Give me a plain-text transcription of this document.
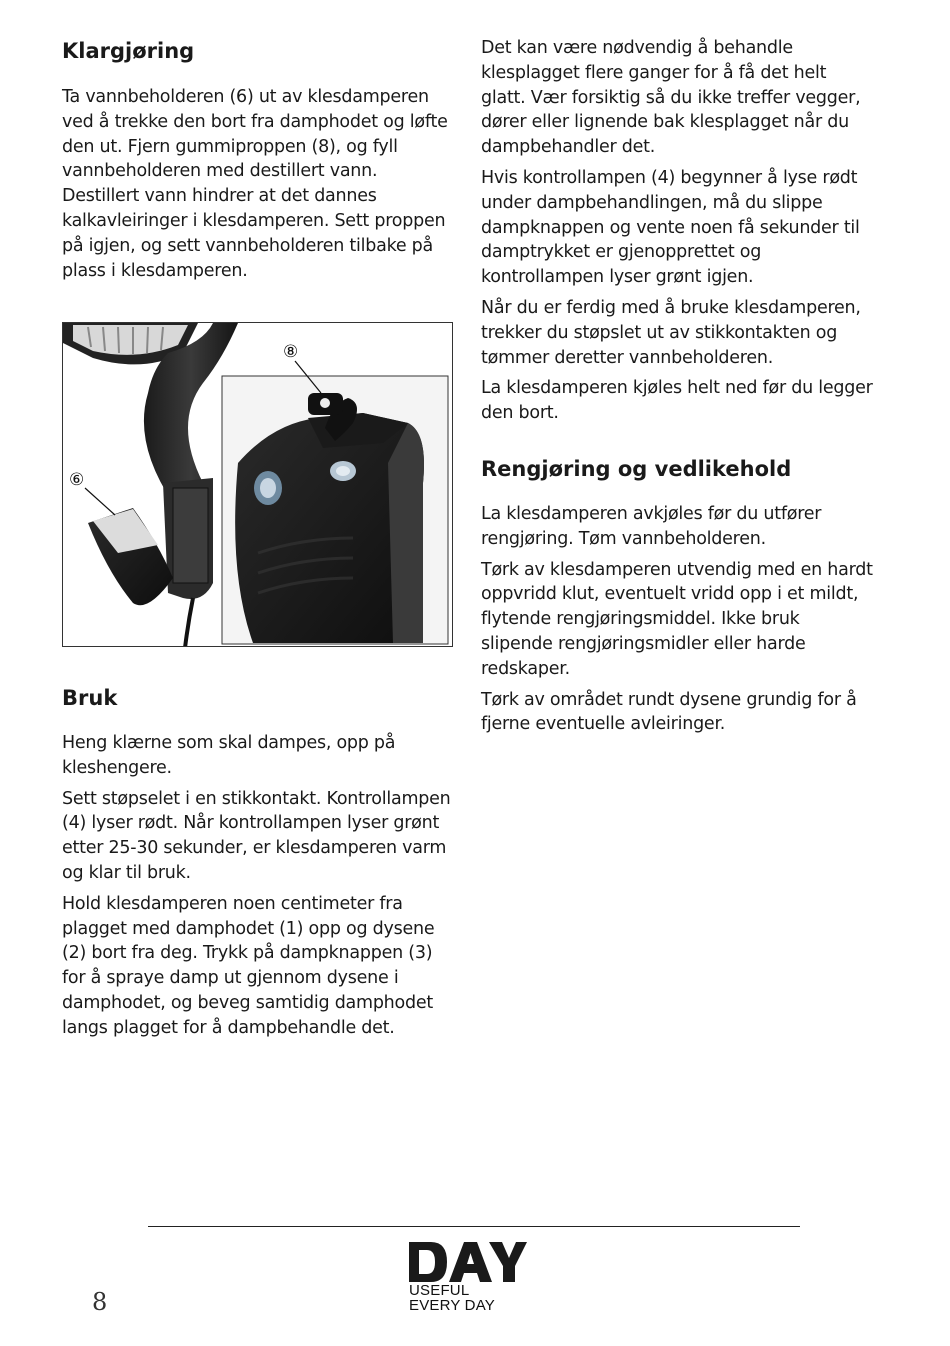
Klargjøring

Ta vannbeholderen (6) ut av klesdamperen ved å trekke den bort fra damphodet og løfte den ut. Fjern gummiproppen (8), og fyll vannbeholderen med destillert vann. Destillert vann hindrer at det dannes kalkavleiringer i klesdamperen. Sett proppen på igjen, og sett vannbeholderen tilbake på plass i klesdamperen.

⑧
⑥
Bruk

Heng klærne som skal dampes, opp på kleshengere.

Sett støpselet i en stikkontakt. Kontrollampen (4) lyser rødt. Når kontrollampen lyser grønt etter 25-30 sekunder, er klesdamperen varm og klar til bruk.

Hold klesdamperen noen centimeter fra plagget med damphodet (1) opp og dysene (2) bort fra deg. Trykk på dampknappen (3) for å spraye damp ut gjennom dysene i damphodet, og beveg samtidig damphodet langs plagget for å dampbehandle det.

Det kan være nødvendig å behandle klesplagget flere ganger for å få det helt glatt. Vær forsiktig så du ikke treffer vegger, dører eller lignende bak klesplagget når du dampbehandler det.

Hvis kontrollampen (4) begynner å lyse rødt under dampbehandlingen, må du slippe dampknappen og vente noen få sekunder til damptrykket er gjenopprettet og kontrollampen lyser grønt igjen.

Når du er ferdig med å bruke klesdamperen, trekker du støpslet ut av stikkontakten og tømmer deretter vannbeholderen.

La klesdamperen kjøles helt ned før du legger den bort.

Rengjøring og vedlikehold

La klesdamperen avkjøles før du utfører rengjøring. Tøm vannbeholderen.

Tørk av klesdamperen utvendig med en hardt oppvridd klut, eventuelt vridd opp i et mildt, flytende rengjøringsmiddel. Ikke bruk slipende rengjøringsmidler eller harde redskaper.

Tørk av området rundt dysene grundig for å fjerne eventuelle avleiringer.

8	USEFUL
EVERY DAY
